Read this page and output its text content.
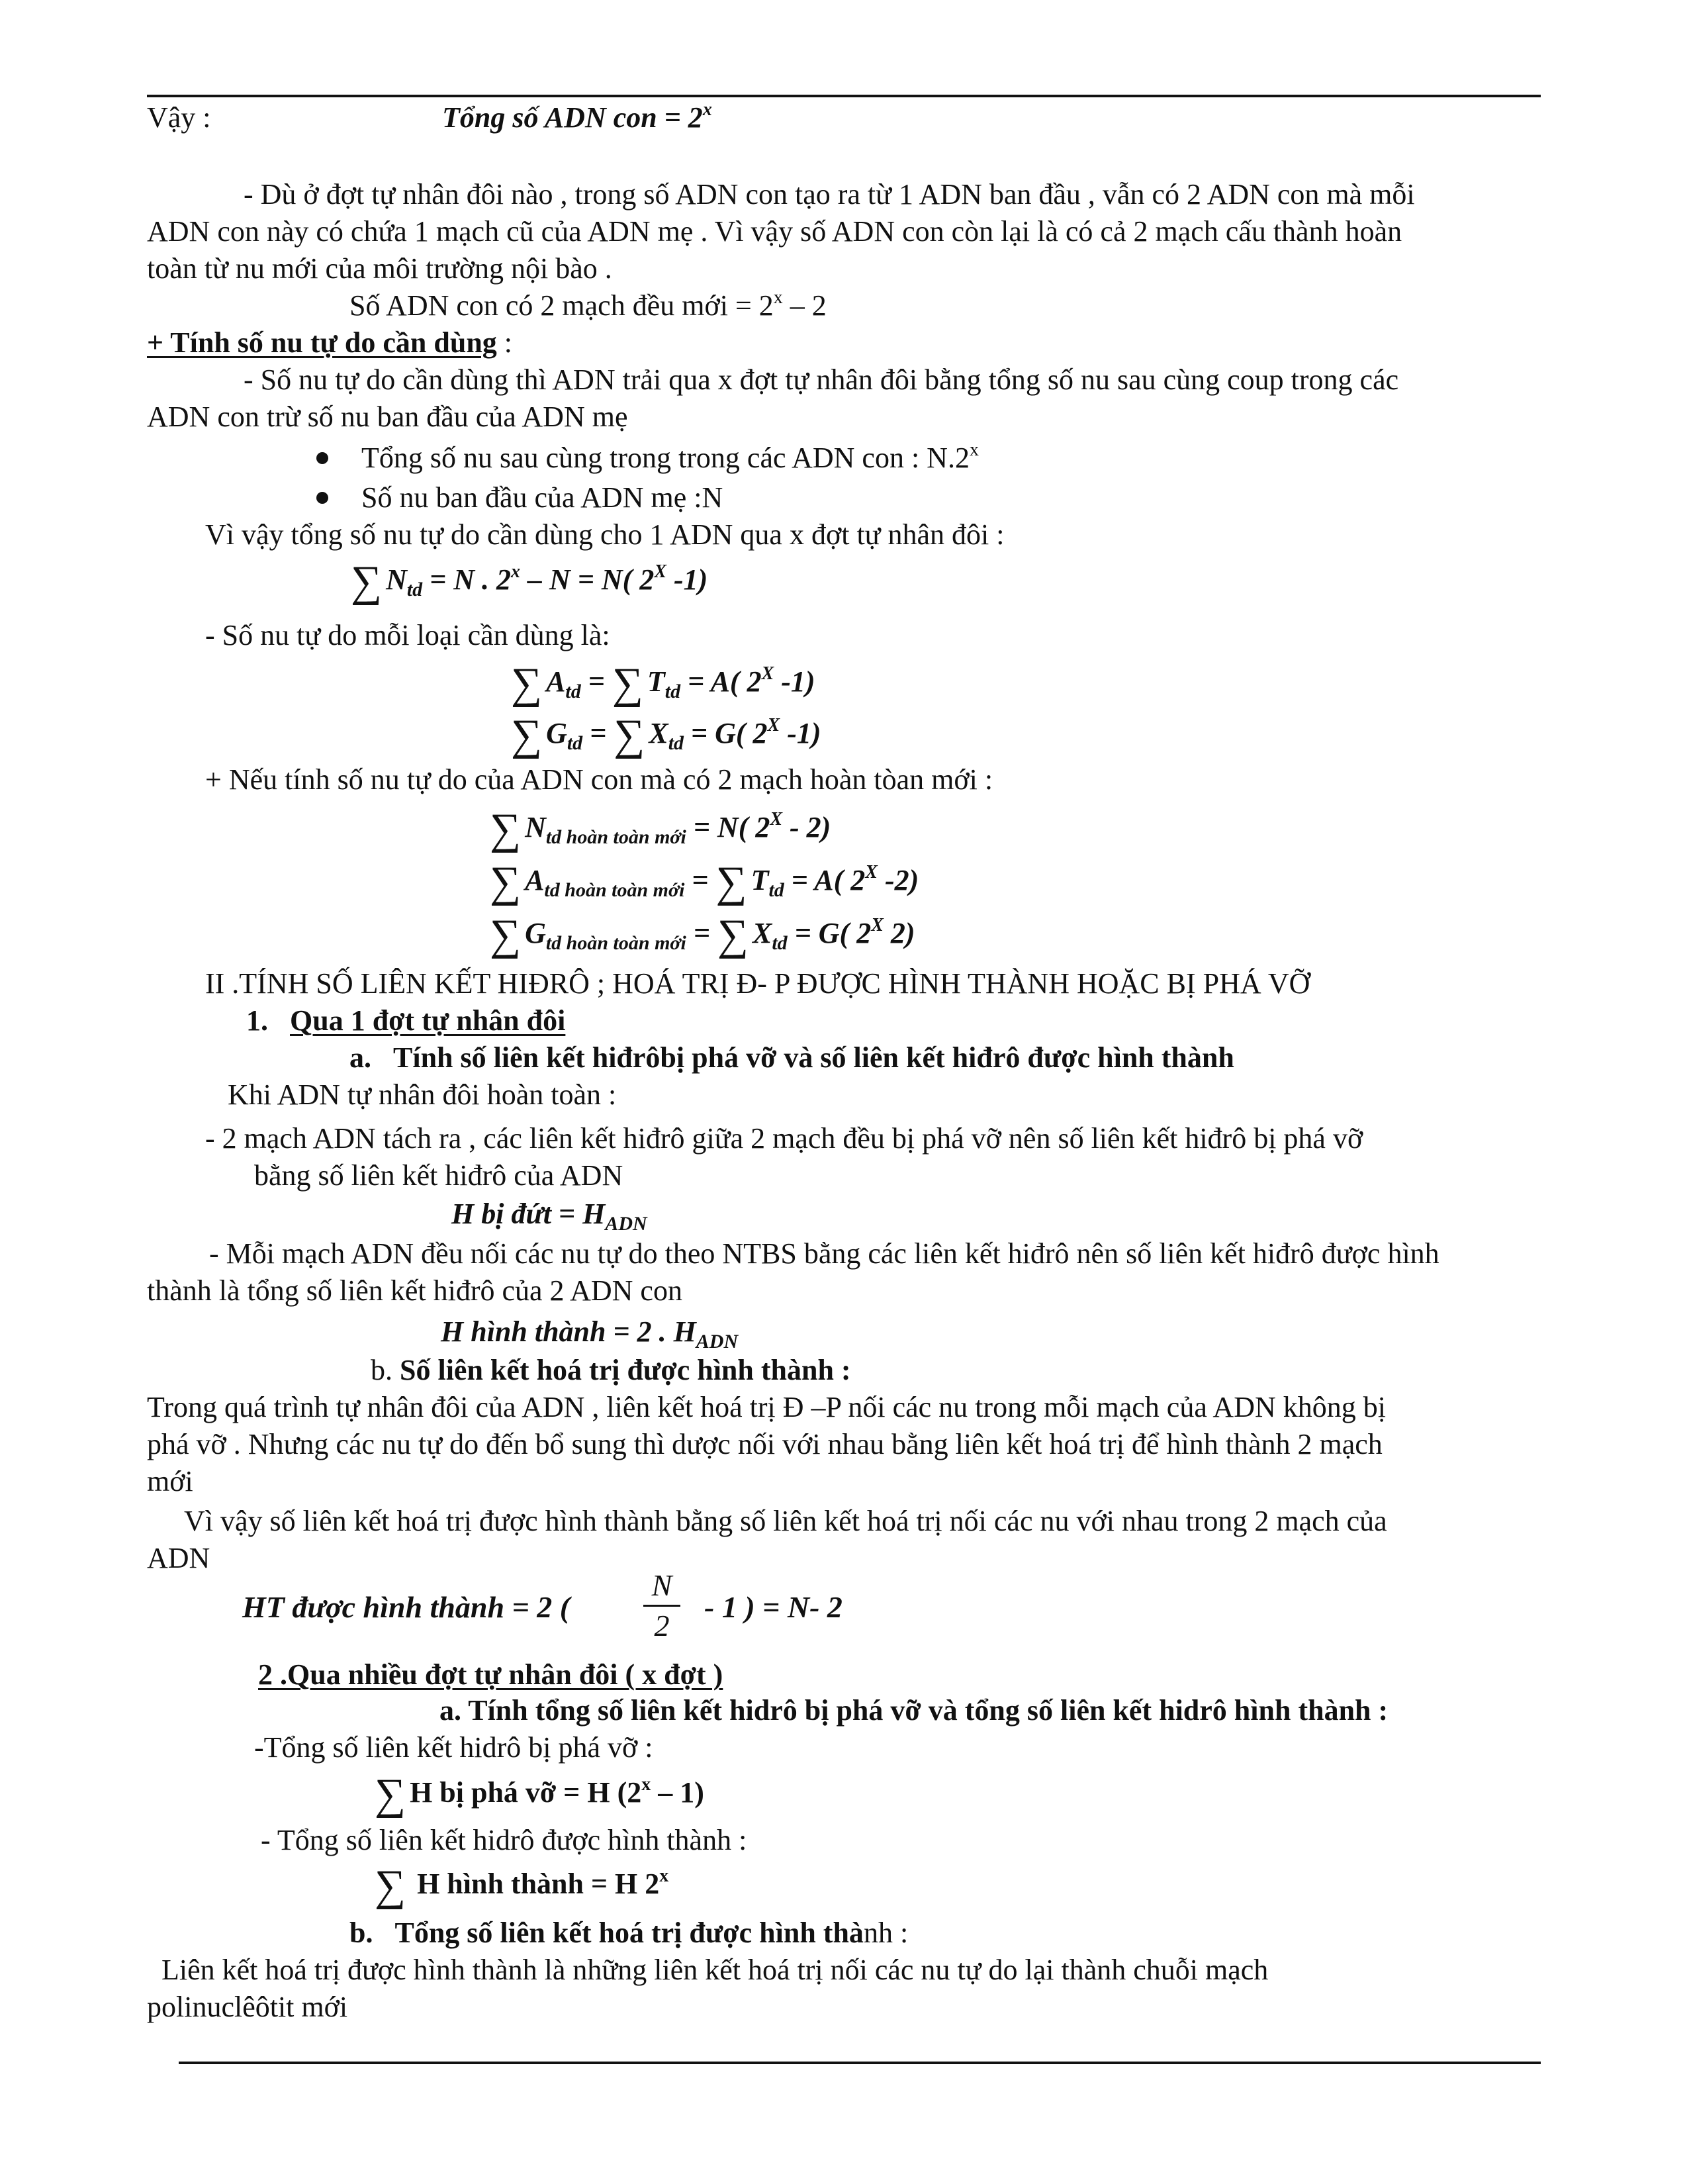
Vậy :	Tổng số ADN con = $2^x$
- Dù ở đợt tự nhân đôi nào , trong số ADN con tạo ra từ 1 ADN ban đầu , vẫn có 2 ADN con mà mỗi
ADN con này có chứa 1 mạch cũ của ADN mẹ . Vì vậy số ADN con còn lại là có cả 2 mạch cấu thành hoàn
toàn từ nu mới của môi trường nội bào .
Số ADN con có 2 mạch đều mới = $2^x - 2$
+ Tính số nu tự do cần dùng :
- Số nu tự do cần dùng thì ADN trải qua x đợt tự nhân đôi bằng tổng số nu sau cùng coup trong các
ADN con trừ số nu ban đầu của ADN mẹ
Tổng số nu sau cùng trong trong các ADN con : N.2$^x$
Số nu ban đầu của ADN mẹ :N
Vì vậy tổng số nu tự do cần dùng cho 1 ADN qua x đợt tự nhân đôi :
∑ $N_{td} = N$ . 2$^x$ – N = N( $2^X$ -1)
- Số nu tự do mỗi loại cần dùng là:
∑ $A_{td}$ = ∑ $T_{td} = A$( $2^X$ -1)
∑ $G_{td}$ = ∑ $X_{td} = G$( $2^X$ -1)
+ Nếu tính số nu tự do của ADN con mà có 2 mạch hoàn tòan mới :
∑ $N_{td hoàn toàn mới} = N$( $2^X - 2$)
∑ $A_{td hoàn toàn mới}$ = ∑ $T_{td} = A$( $2^X$ -2)
∑ $G_{td hoàn toàn mới}$ = ∑ $X_{td} = G$( $2^X$ 2)
II .TÍNH SỐ LIÊN KẾT HIĐRÔ ; HOÁ TRỊ Đ- P ĐƯỢC HÌNH THÀNH HOẶC BỊ PHÁ VỠ
1. Qua 1 đợt tự nhân đôi
a. Tính số liên kết hiđrôbị phá vỡ và số liên kết hiđrô được hình thành
Khi ADN tự nhân đôi hoàn toàn :
- 2 mạch ADN tách ra , các liên kết hiđrô giữa 2 mạch đều bị phá vỡ nên số liên kết hiđrô bị phá vỡ
bằng số liên kết hiđrô của ADN
H bị đứt = $H_{ADN}$
- Mỗi mạch ADN đều nối các nu tự do theo NTBS bằng các liên kết hiđrô nên số liên kết hiđrô được hình
thành là tổng số liên kết hiđrô của 2 ADN con
H hình thành = 2 . $H_{ADN}$
b. Số liên kết hoá trị được hình thành :
Trong quá trình tự nhân đôi của ADN , liên kết hoá trị Đ –P nối các nu trong mỗi mạch của ADN không bị
phá vỡ . Nhưng các nu tự do đến bổ sung thì dược nối với nhau bằng liên kết hoá trị để hình thành 2 mạch
mới
Vì vậy số liên kết hoá trị được hình thành bằng số liên kết hoá trị nối các nu với nhau trong 2 mạch của
ADN
HT được hình thành = 2 (
N
2
- 1 ) = N- 2
2 .Qua nhiều đợt tự nhân đôi ( x đợt )
a. Tính tổng số liên kết hidrô bị phá vỡ và tổng số liên kết hidrô hình thành :
-Tổng số liên kết hidrô bị phá vỡ :
∑ H bị phá vỡ = H (2$^x$ – 1)
- Tổng số liên kết hidrô được hình thành :
∑ H hình thành = H 2$^x$
b. Tổng số liên kết hoá trị được hình thành :
Liên kết hoá trị được hình thành là những liên kết hoá trị nối các nu tự do lại thành chuỗi mạch
polinuclêôtit mới
